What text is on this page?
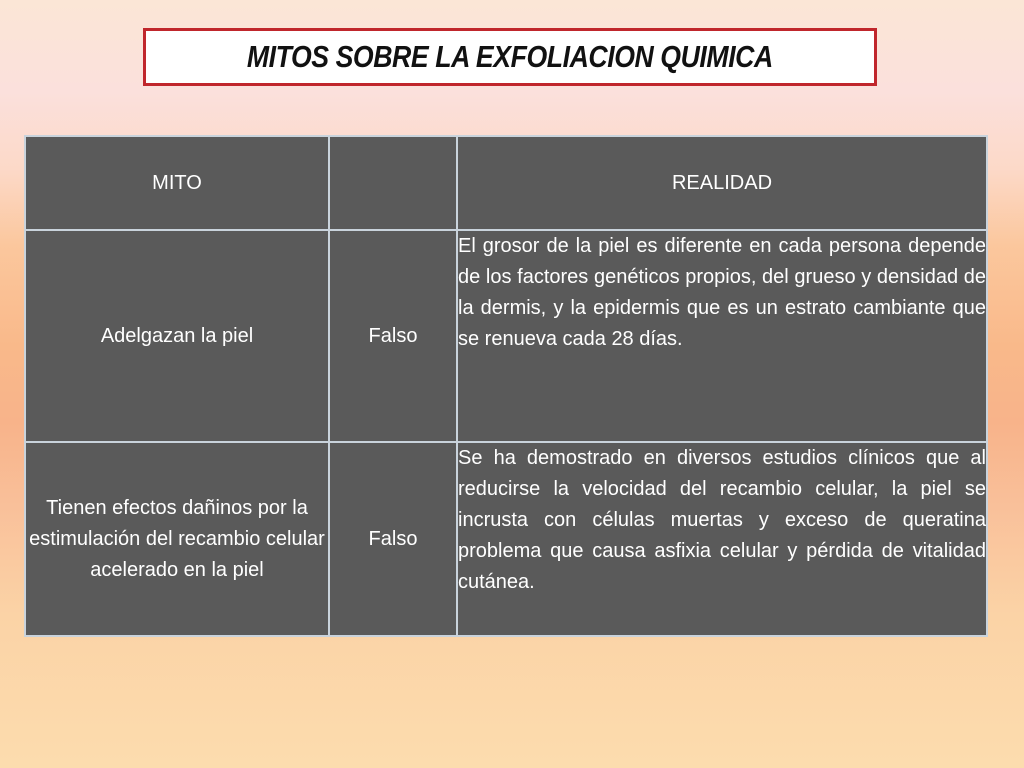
MITOS SOBRE LA EXFOLIACION QUIMICA
MITO		REALIDAD
Adelgazan la piel	Falso	El grosor de la piel es diferente en cada persona depende de los factores genéticos propios, del grueso y densidad de la dermis, y la epidermis que es un estrato cambiante que se renueva cada 28 días.
Tienen efectos dañinos por la estimulación del recambio celular acelerado en la piel	Falso	Se ha demostrado en diversos estudios clínicos que al reducirse la velocidad del recambio celular, la piel se incrusta con células muertas y exceso de queratina problema que causa asfixia celular y pérdida de vitalidad cutánea.
